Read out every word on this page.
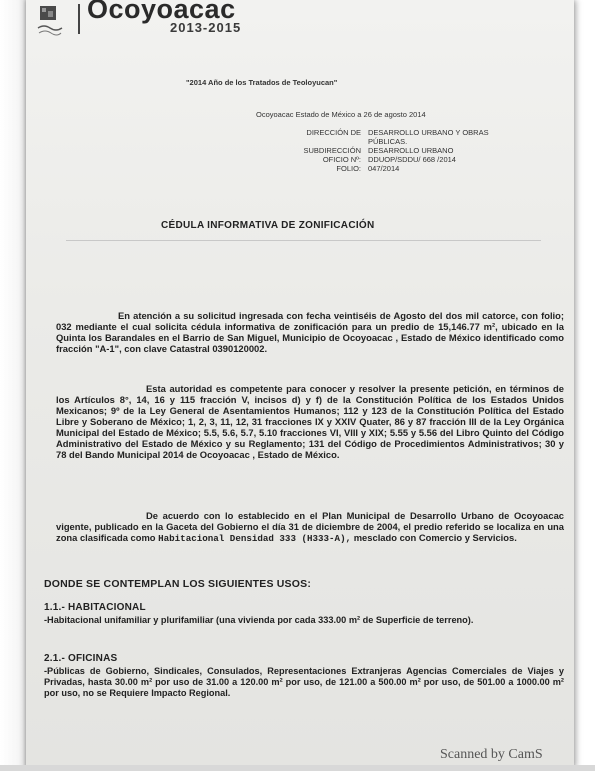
Ocoyoacac
2013-2015
"2014 Año de los Tratados de Teoloyucan"
Ocoyoacac Estado de México a 26 de agosto 2014
DIRECCIÓN DE

SUBDIRECCIÓN
OFICIO Nº:
FOLIO:
DESARROLLO URBANO Y OBRAS PÚBLICAS.
DESARROLLO URBANO
DDUOP/SDDU/ 668 /2014
047/2014
CÉDULA INFORMATIVA DE ZONIFICACIÓN

En atención a su solicitud ingresada con fecha veintiséis de Agosto del dos mil catorce, con folio; 032 mediante el cual solicita cédula informativa de zonificación para un predio de 15,146.77 m², ubicado en la Quinta los Barandales en el Barrio de San Miguel, Municipio de Ocoyoacac , Estado de México identificado como fracción "A-1", con clave Catastral 0390120002.

Esta autoridad es competente para conocer y resolver la presente petición, en términos de los Artículos 8°, 14, 16 y 115 fracción V, incisos d) y f) de la Constitución Política de los Estados Unidos Mexicanos; 9º de la Ley General de Asentamientos Humanos; 112 y 123 de la Constitución Política del Estado Libre y Soberano de México; 1, 2, 3, 11, 12, 31 fracciones IX y XXIV Quater, 86 y 87 fracción III de la Ley Orgánica Municipal del Estado de México; 5.5, 5.6, 5.7, 5.10 fracciones VI, VIII y XIX; 5.55 y 5.56 del Libro Quinto del Código Administrativo del Estado de México y su Reglamento; 131 del Código de Procedimientos Administrativos; 30 y 78 del Bando Municipal 2014 de Ocoyoacac , Estado de México.

De acuerdo con lo establecido en el Plan Municipal de Desarrollo Urbano de Ocoyoacac vigente, publicado en la Gaceta del Gobierno el día 31 de diciembre de 2004, el predio referido se localiza en una zona clasificada como Habitacional Densidad 333 (H333-A), mesclado con Comercio y Servicios.

DONDE SE CONTEMPLAN LOS SIGUIENTES USOS:
1.1.- HABITACIONAL

-Habitacional unifamiliar y plurifamiliar (una vivienda por cada 333.00 m² de Superficie de terreno).

2.1.- OFICINAS

-Públicas de Gobierno, Sindicales, Consulados, Representaciones Extranjeras Agencias Comerciales de Viajes y Privadas, hasta 30.00 m² por uso de 31.00 a 120.00 m² por uso, de 121.00 a 500.00 m² por uso, de 501.00 a 1000.00 m² por uso, no se Requiere Impacto Regional.

Scanned by CamS
